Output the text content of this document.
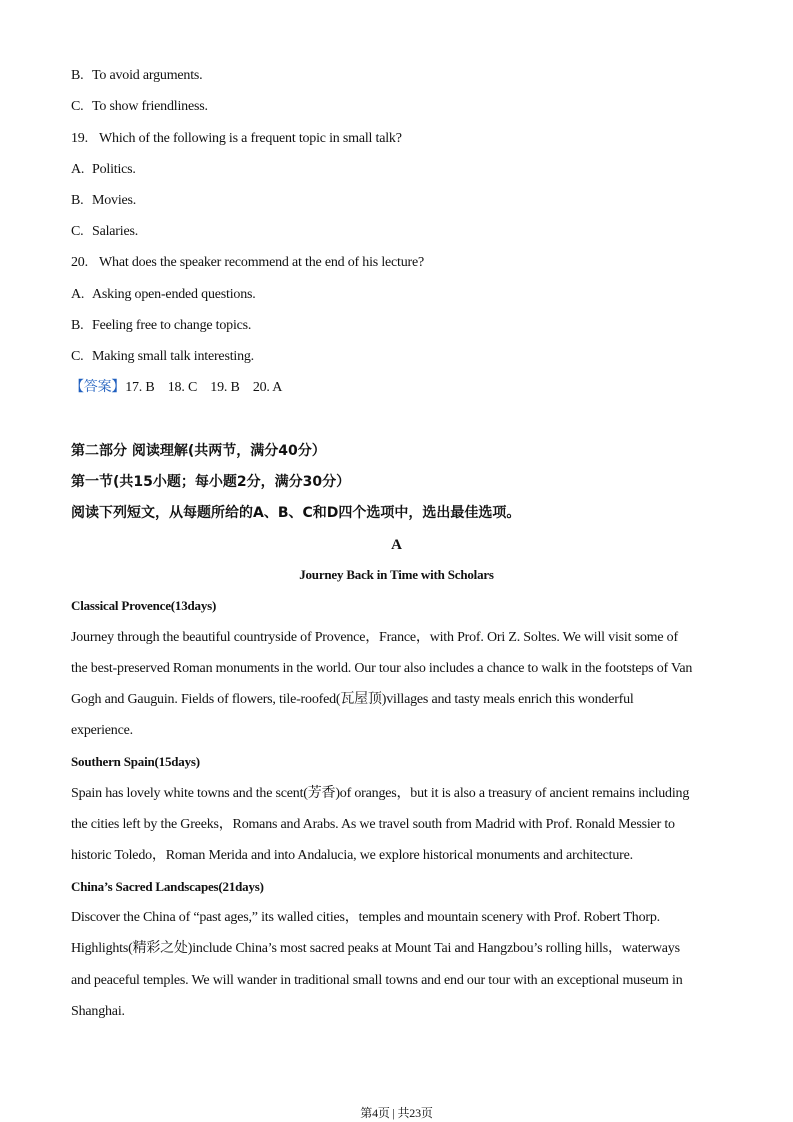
B. To avoid arguments.
C. To show friendliness.
19. Which of the following is a frequent topic in small talk?
A. Politics.
B. Movies.
C. Salaries.
20. What does the speaker recommend at the end of his lecture?
A. Asking open-ended questions.
B. Feeling free to change topics.
C. Making small talk interesting.
【答案】17. B    18. C    19. B    20. A
第二部分 阅读理解(共两节，满分40分）
第一节(共15小题；每小题2分，满分30分）
阅读下列短文，从每题所给的A、B、C和D四个选项中，选出最佳选项。
A
Journey Back in Time with Scholars
Classical Provence(13days)
Journey through the beautiful countryside of Provence，France，with Prof. Ori Z. Soltes. We will visit some of
the best-preserved Roman monuments in the world. Our tour also includes a chance to walk in the footsteps of Van
Gogh and Gauguin. Fields of flowers, tile-roofed(瓦屋顶)villages and tasty meals enrich this wonderful
experience.
Southern Spain(15days)
Spain has lovely white towns and the scent(芳香)of oranges，but it is also a treasury of ancient remains including
the cities left by the Greeks，Romans and Arabs. As we travel south from Madrid with Prof. Ronald Messier to
historic Toledo，Roman Merida and into Andalucia, we explore historical monuments and architecture.
China’s Sacred Landscapes(21days)
Discover the China of “past ages,” its walled cities，temples and mountain scenery with Prof. Robert Thorp.
Highlights(精彩之处)include China’s most sacred peaks at Mount Tai and Hangzbou’s rolling hills，waterways
and peaceful temples. We will wander in traditional small towns and end our tour with an exceptional museum in
Shanghai.
第4页 | 共23页
